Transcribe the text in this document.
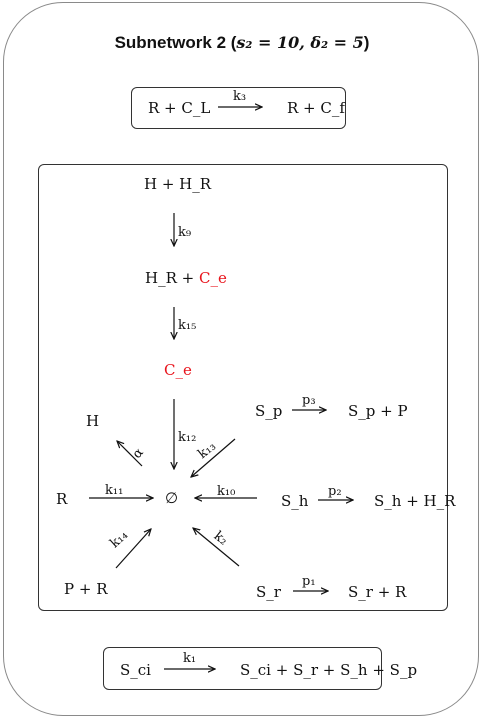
Subnetwork 2 (s₂ = 10, δ₂ = 5)
R + C_L
k₃
R + C_f
H + H_R
k₉
H_R + C_e
k₁₅
C_e
k₁₂
H
α
R	k₁₁	∅
k₁₄
P + R
k₁₃
k₁₀
k₂
S_p
p₃
S_p + P
S_h
p₂
S_h + H_R
S_r
p₁
S_r + R
S_ci
k₁
S_ci + S_r + S_h + S_p
